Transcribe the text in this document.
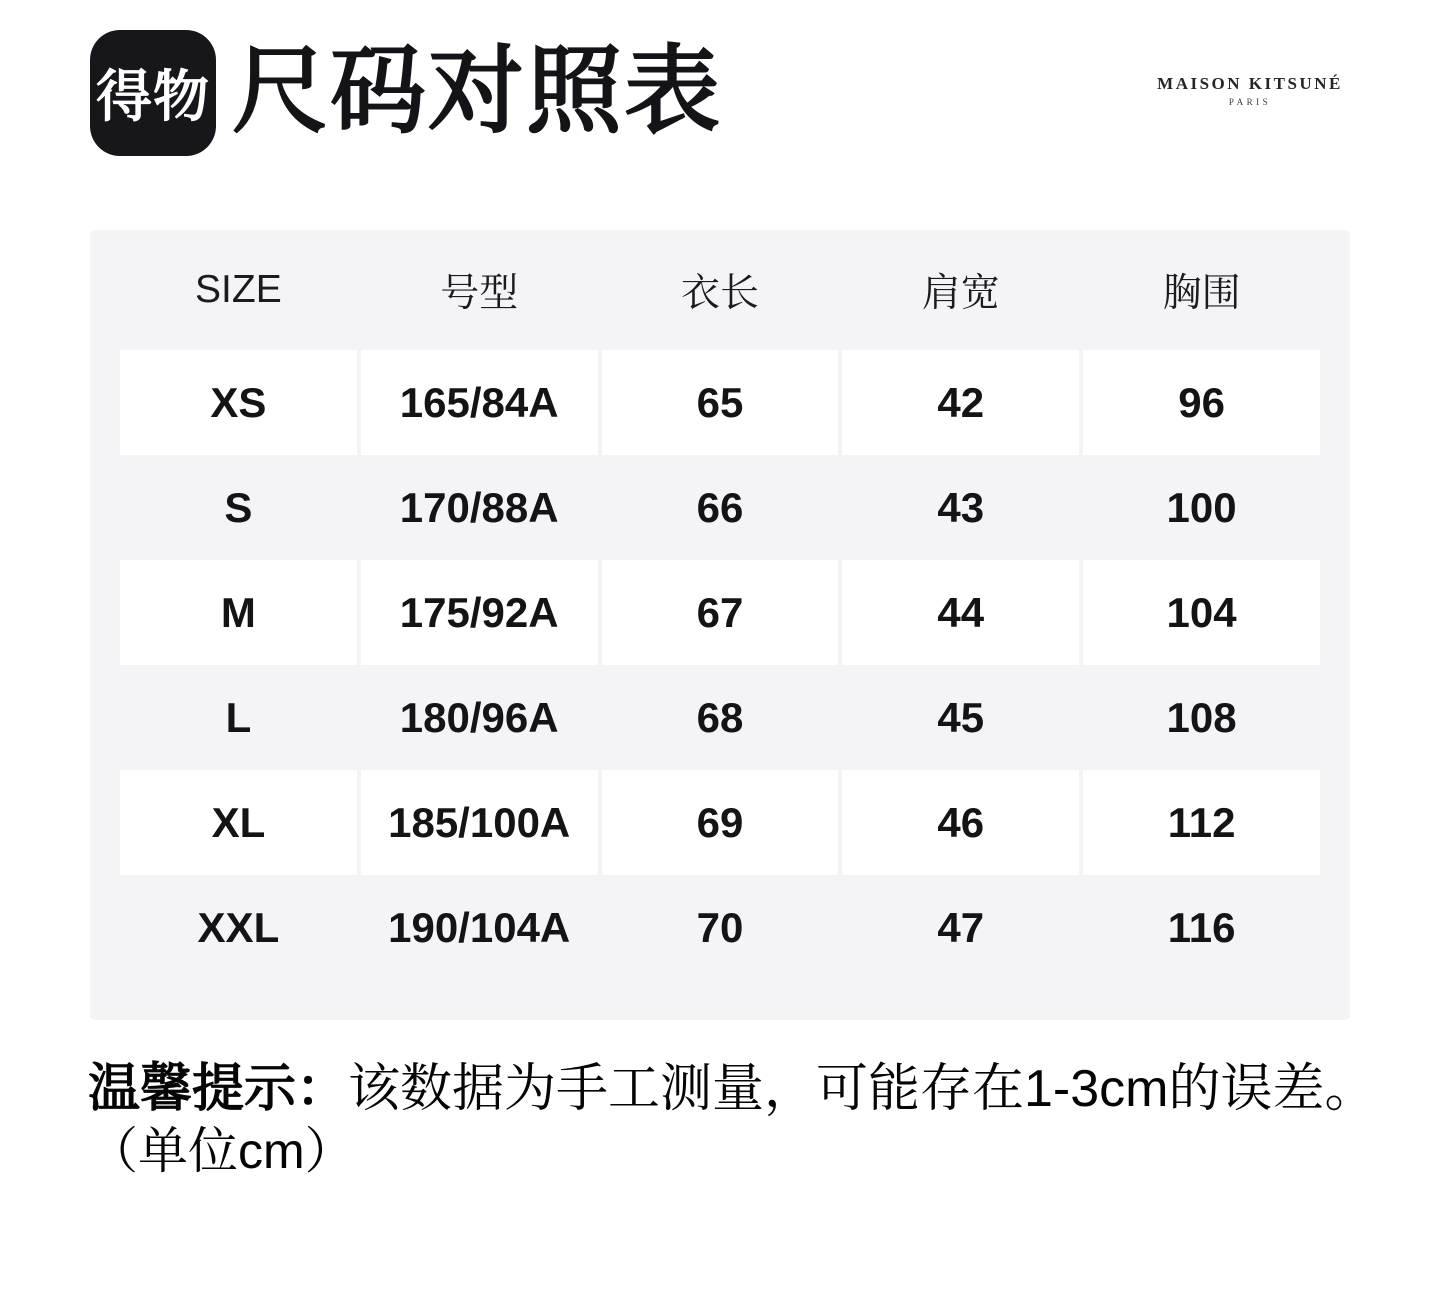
得物 尺码对照表	MAISON KITSUNÉ
PARIS
SIZE	号型	衣长	肩宽	胸围
XS	165/84A	65	42	96
S	170/88A	66	43	100
M	175/92A	67	44	104
L	180/96A	68	45	108
XL	185/100A	69	46	112
XXL	190/104A	70	47	116
温馨提示：该数据为手工测量，可能存在1-3cm的误差。
（单位cm）
